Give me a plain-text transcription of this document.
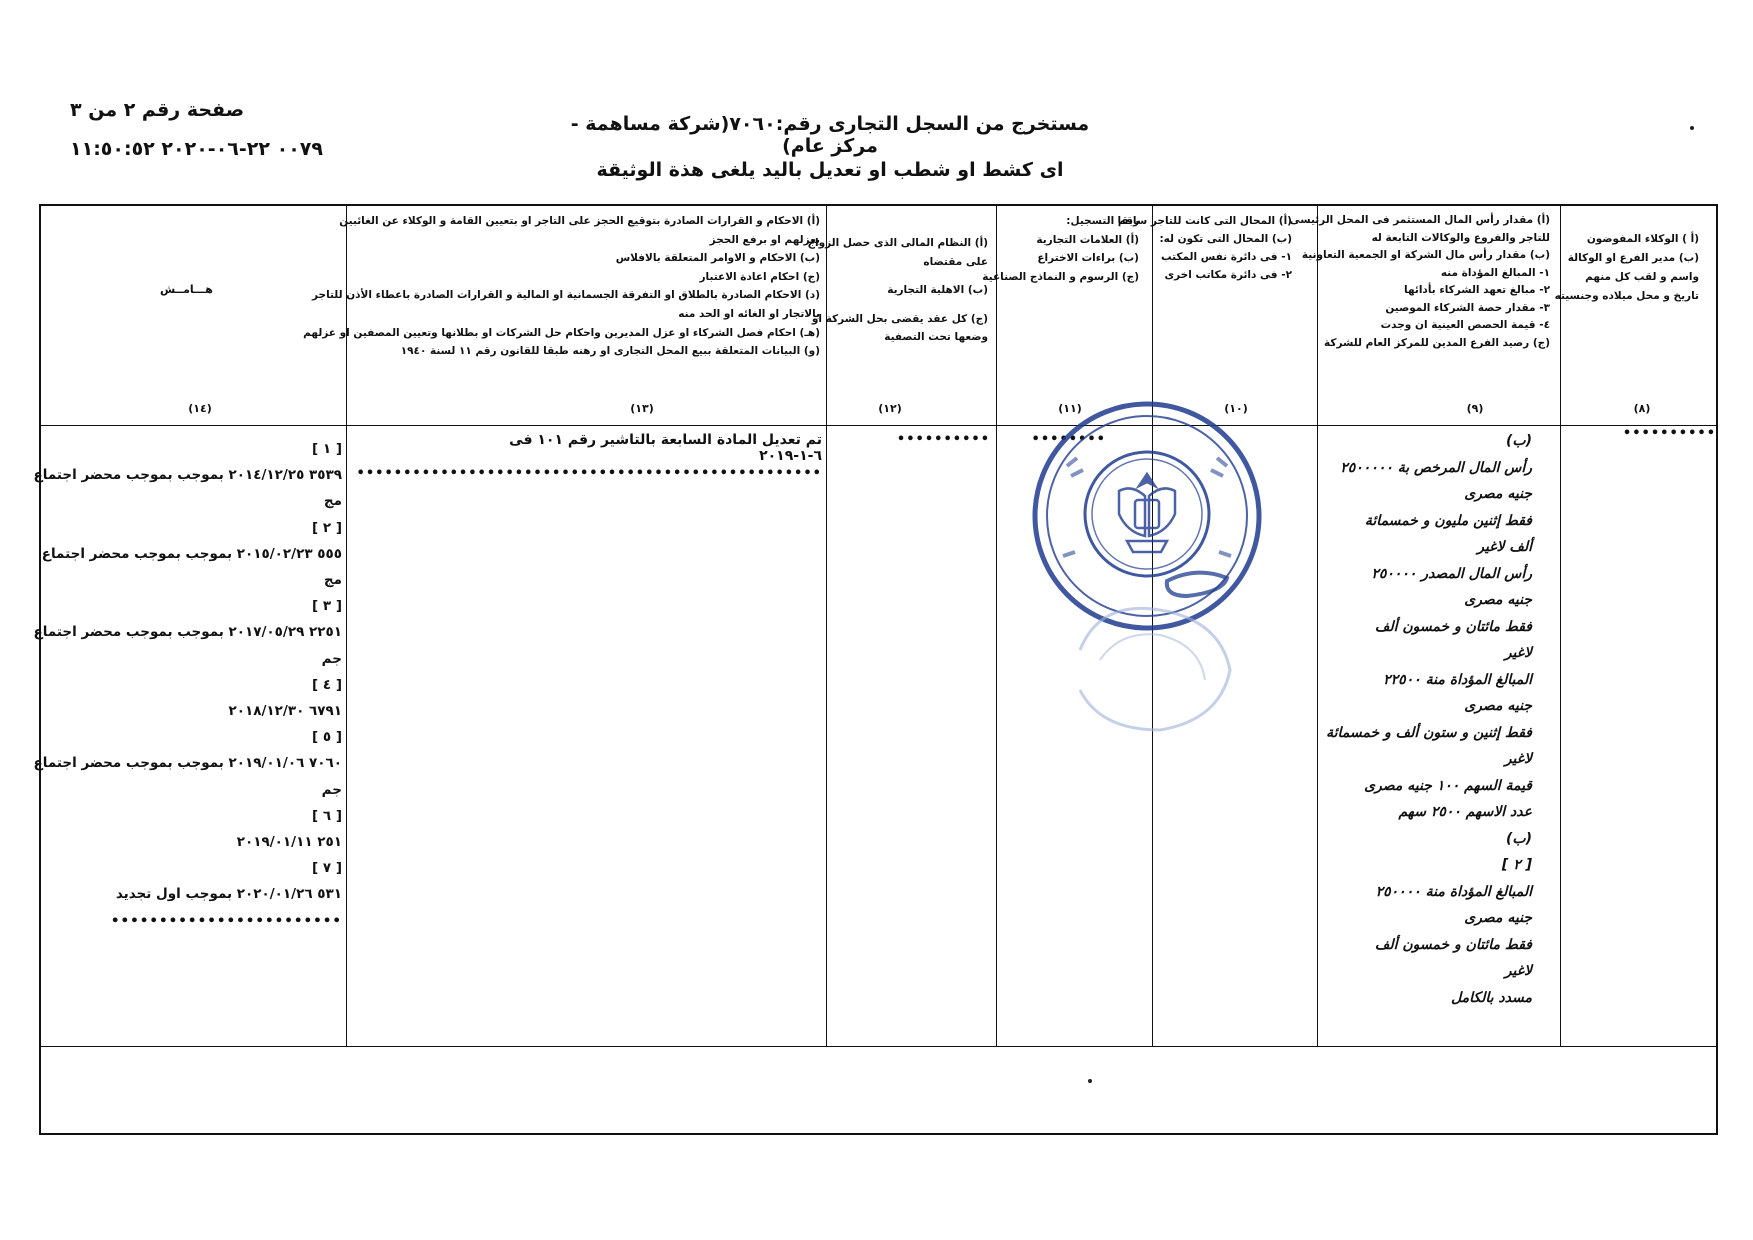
صفحة رقم ٢ من ٣
٠٠٧٩ ٢٢-٠٦-٢٠٢٠ ١١:٥٠:٥٢
مستخرج من السجل التجارى رقم:٧٠٦٠(شركة مساهمة - مركز عام)
اى كشط او شطب او تعديل باليد يلغى هذة الوثيقة
(أ ) الوكلاء المفوضون
(ب) مدير الفرع او الوكالة
واسم و لقب كل منهم
تاريخ و محل ميلاده وجنسيته
(أ) مقدار رأس المال المستثمر فى المحل الرئيسى
للتاجر والفروع والوكالات التابعة له
(ب) مقدار رأس مال الشركة او الجمعية التعاونية
١- المبالغ المؤداة منه
٢- مبالغ تعهد الشركاء بأدائها
٣- مقدار حصة الشركاء الموصين
٤- قيمة الحصص العينية ان وجدت
(ج) رصيد الفرع المدين للمركز العام للشركة
(أ) المحال التى كانت للتاجر سابقا
(ب) المحال التى تكون له:
١- فى دائرة نفس المكتب
٢- فى دائرة مكاتب اخرى
رقم التسجيل:
(أ) العلامات التجارية
(ب) براءات الاختراع
(ج) الرسوم و النماذج الصناعية
(أ) النظام المالى الذى حصل الزواج
على مقتضاه
(ب) الاهلية التجارية
(ج) كل عقد يقضى بحل الشركة او
وضعها تحت التصفية
(أ) الاحكام و القرارات الصادرة بتوقيع الحجز على التاجر او بتعيين القامة و الوكلاء عن الغائبين
بعزلهم او برفع الحجز
(ب) الاحكام و الاوامر المتعلقة بالافلاس
(ج) احكام اعادة الاعتبار
(د) الاحكام الصادرة بالطلاق او التفرقة الجسمانية او المالية و القرارات الصادرة باعطاء الأذن للتاجر
بالاتجار او الغائه او الحد منه
(هـ) احكام فصل الشركاء او عزل المديرين واحكام حل الشركات او بطلانها وتعيين المصفين او عزلهم
(و) البيانات المتعلقة ببيع المحل التجارى او رهنه طبقا للقانون رقم ١١ لسنة ١٩٤٠
هـــامــش
(٨)
(٩)
(١٠)
(١١)
(١٢)
(١٣)
(١٤)
••••••••••
(ب)
رأس المال المرخص بة ٢٥٠٠٠٠٠
جنيه مصرى
فقط إثنين مليون و خمسمائة
ألف لاغير
رأس المال المصدر ٢٥٠٠٠٠
جنيه مصرى
فقط مائتان و خمسون ألف
لاغير
المبالغ المؤداة منة ٢٢٥٠٠
جنيه مصرى
فقط إثنين و ستون ألف و خمسمائة
لاغير
قيمة السهم ١٠٠ جنيه مصرى
عدد الاسهم ٢٥٠٠ سهم
(ب)
[ ٢ ]
المبالغ المؤداة منة ٢٥٠٠٠٠
جنيه مصرى
فقط مائتان و خمسون ألف
لاغير
مسدد بالكامل
••••••••
••••••••••
تم تعديل المادة السابعة بالتاشير رقم ١٠١ فى ٦-١-٢٠١٩
••••••••••••••••••••••••••••••••••••••••••••••••••
[ ١ ]
٣٥٣٩ ٢٠١٤/١٢/٢٥ بموجب بموجب محضر اجتماع
مج
[ ٢ ]
٥٥٥ ٢٠١٥/٠٢/٢٣ بموجب بموجب محضر اجتماع
مج
[ ٣ ]
٢٢٥١ ٢٠١٧/٠٥/٢٩ بموجب بموجب محضر اجتماع
جم
[ ٤ ]
٦٧٩١ ٢٠١٨/١٢/٣٠
[ ٥ ]
٧٠٦٠ ٢٠١٩/٠١/٠٦ بموجب بموجب محضر اجتماع
جم
[ ٦ ]
٢٥١ ٢٠١٩/٠١/١١
[ ٧ ]
٥٣١ ٢٠٢٠/٠١/٢٦ بموجب اول تجديد
••••••••••••••••••••••••
